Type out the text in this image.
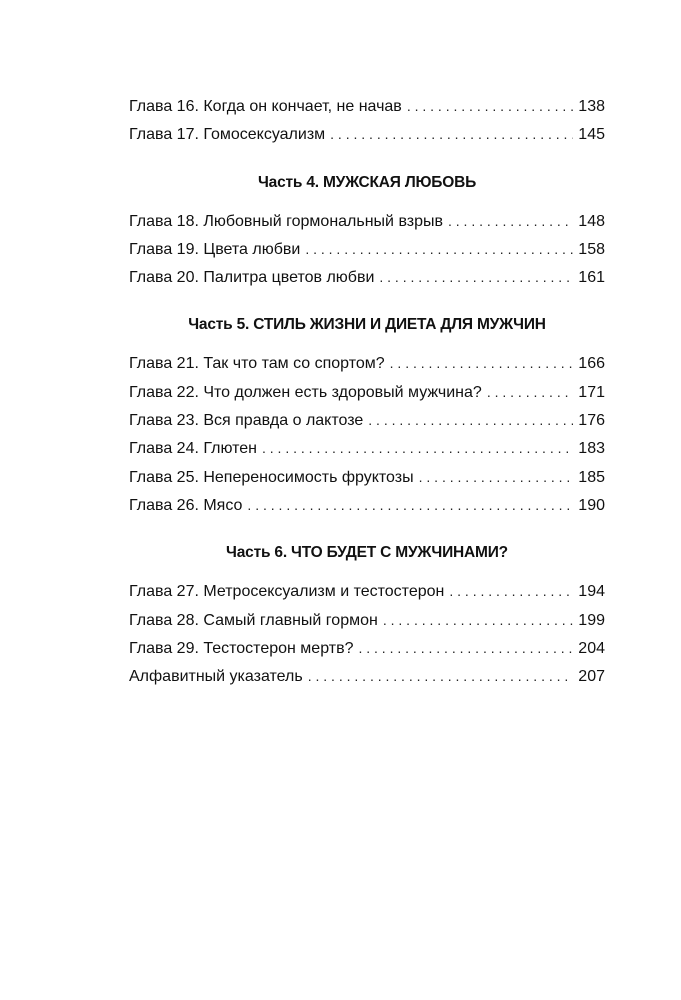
Глава 16. Когда он кончает, не начав . . .	138
Глава 17. Гомосексуализм . . .	145
Часть 4. МУЖСКАЯ ЛЮБОВЬ
Глава 18. Любовный гормональный взрыв . . .	148
Глава 19. Цвета любви . . .	158
Глава 20. Палитра цветов любви . . .	161
Часть 5. СТИЛЬ ЖИЗНИ И ДИЕТА ДЛЯ МУЖЧИН
Глава 21. Так что там со спортом? . . .	166
Глава 22. Что должен есть здоровый мужчина? . . .	171
Глава 23. Вся правда о лактозе . . .	176
Глава 24. Глютен . . .	183
Глава 25. Непереносимость фруктозы . . .	185
Глава 26. Мясо . . .	190
Часть 6. ЧТО БУДЕТ С МУЖЧИНАМИ?
Глава 27. Метросексуализм и тестостерон . . .	194
Глава 28. Самый главный гормон . . .	199
Глава 29. Тестостерон мертв? . . .	204
Алфавитный указатель . . .	207
